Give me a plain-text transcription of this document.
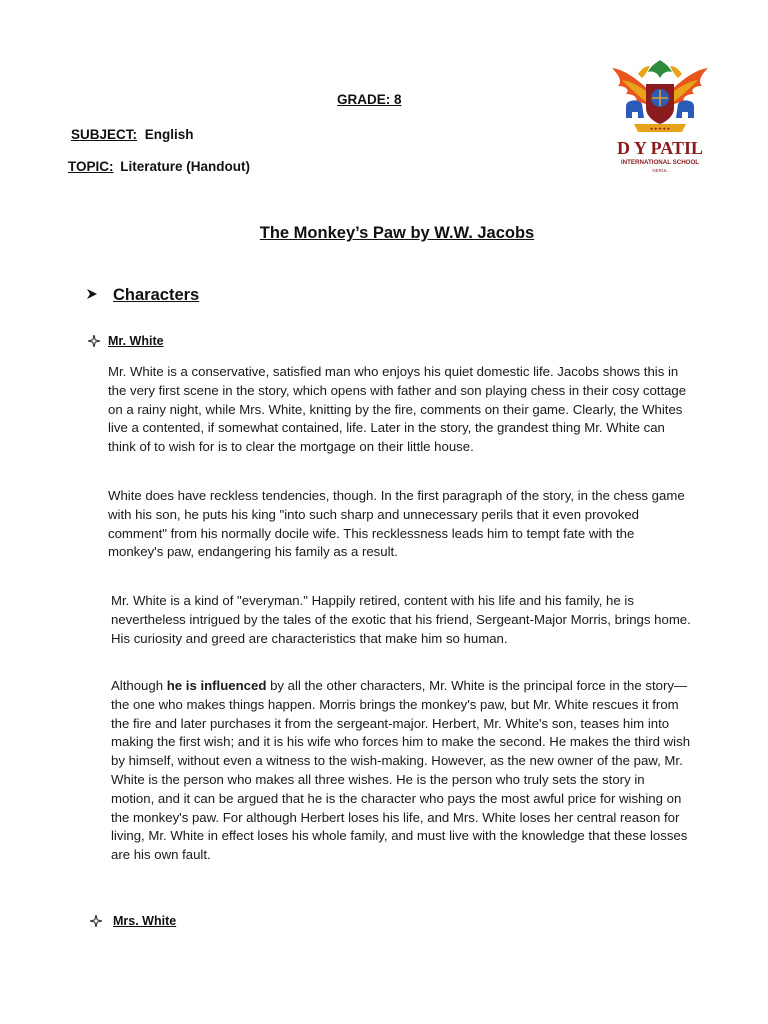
GRADE: 8
SUBJECT: English
TOPIC: Literature (Handout)
✦✦✦✦✦
D Y PATIL
INTERNATIONAL SCHOOL
NERUL
The Monkey’s Paw by W.W. Jacobs
Characters
Mr. White
Mr. White is a conservative, satisfied man who enjoys his quiet domestic life. Jacobs shows this in the very first scene in the story, which opens with father and son playing chess in their cosy cottage on a rainy night, while Mrs. White, knitting by the fire, comments on their game. Clearly, the Whites live a contented, if somewhat contained, life. Later in the story, the grandest thing Mr. White can think of to wish for is to clear the mortgage on their little house.
White does have reckless tendencies, though. In the first paragraph of the story, in the chess game with his son, he puts his king "into such sharp and unnecessary perils that it even provoked comment" from his normally docile wife. This recklessness leads him to tempt fate with the monkey's paw, endangering his family as a result.
Mr. White is a kind of "everyman." Happily retired, content with his life and his family, he is nevertheless intrigued by the tales of the exotic that his friend, Sergeant-Major Morris, brings home. His curiosity and greed are characteristics that make him so human.
Although he is influenced by all the other characters, Mr. White is the principal force in the story—the one who makes things happen. Morris brings the monkey's paw, but Mr. White rescues it from the fire and later purchases it from the sergeant-major. Herbert, Mr. White's son, teases him into making the first wish; and it is his wife who forces him to make the second. He makes the third wish by himself, without even a witness to the wish-making. However, as the new owner of the paw, Mr. White is the person who makes all three wishes. He is the person who truly sets the story in motion, and it can be argued that he is the character who pays the most awful price for wishing on the monkey's paw. For although Herbert loses his life, and Mrs. White loses her central reason for living, Mr. White in effect loses his whole family, and must live with the knowledge that these losses are his own fault.
Mrs. White
